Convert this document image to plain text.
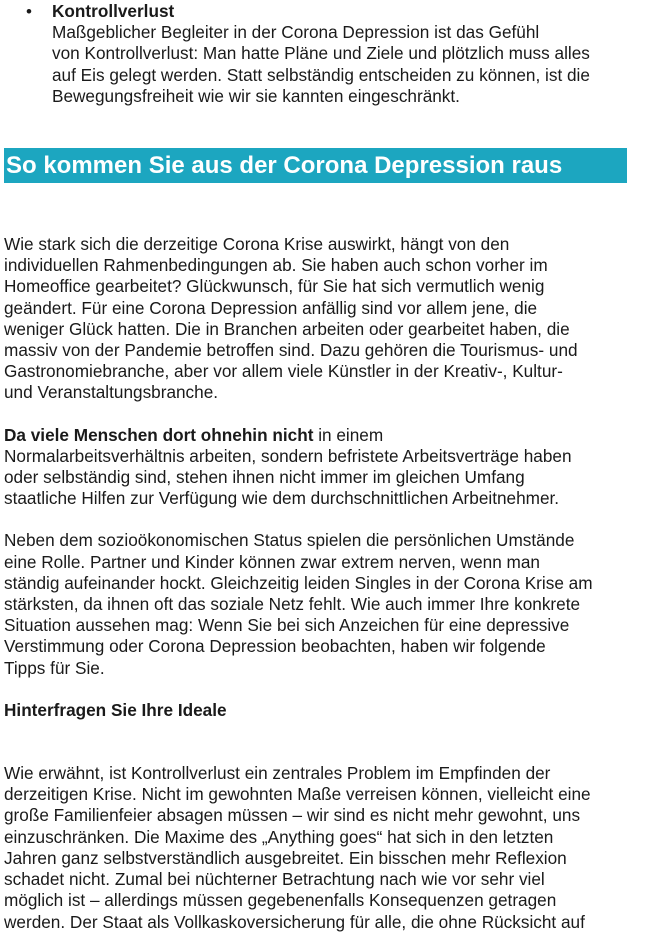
• Kontrollverlust
Maßgeblicher Begleiter in der Corona Depression ist das Gefühl
von Kontrollverlust: Man hatte Pläne und Ziele und plötzlich muss alles
auf Eis gelegt werden. Statt selbständig entscheiden zu können, ist die
Bewegungsfreiheit wie wir sie kannten eingeschränkt.
So kommen Sie aus der Corona Depression raus

Wie stark sich die derzeitige Corona Krise auswirkt, hängt von den
individuellen Rahmenbedingungen ab. Sie haben auch schon vorher im
Homeoffice gearbeitet? Glückwunsch, für Sie hat sich vermutlich wenig
geändert. Für eine Corona Depression anfällig sind vor allem jene, die
weniger Glück hatten. Die in Branchen arbeiten oder gearbeitet haben, die
massiv von der Pandemie betroffen sind. Dazu gehören die Tourismus- und
Gastronomiebranche, aber vor allem viele Künstler in der Kreativ-, Kultur-
und Veranstaltungsbranche.

Da viele Menschen dort ohnehin nicht in einem
Normalarbeitsverhältnis arbeiten, sondern befristete Arbeitsverträge haben
oder selbständig sind, stehen ihnen nicht immer im gleichen Umfang
staatliche Hilfen zur Verfügung wie dem durchschnittlichen Arbeitnehmer.

Neben dem sozioökonomischen Status spielen die persönlichen Umstände
eine Rolle. Partner und Kinder können zwar extrem nerven, wenn man
ständig aufeinander hockt. Gleichzeitig leiden Singles in der Corona Krise am
stärksten, da ihnen oft das soziale Netz fehlt. Wie auch immer Ihre konkrete
Situation aussehen mag: Wenn Sie bei sich Anzeichen für eine depressive
Verstimmung oder Corona Depression beobachten, haben wir folgende
Tipps für Sie.

Hinterfragen Sie Ihre Ideale

Wie erwähnt, ist Kontrollverlust ein zentrales Problem im Empfinden der
derzeitigen Krise. Nicht im gewohnten Maße verreisen können, vielleicht eine
große Familienfeier absagen müssen – wir sind es nicht mehr gewohnt, uns
einzuschränken. Die Maxime des „Anything goes“ hat sich in den letzten
Jahren ganz selbstverständlich ausgebreitet. Ein bisschen mehr Reflexion
schadet nicht. Zumal bei nüchterner Betrachtung nach wie vor sehr viel
möglich ist – allerdings müssen gegebenenfalls Konsequenzen getragen
werden. Der Staat als Vollkaskoversicherung für alle, die ohne Rücksicht auf
